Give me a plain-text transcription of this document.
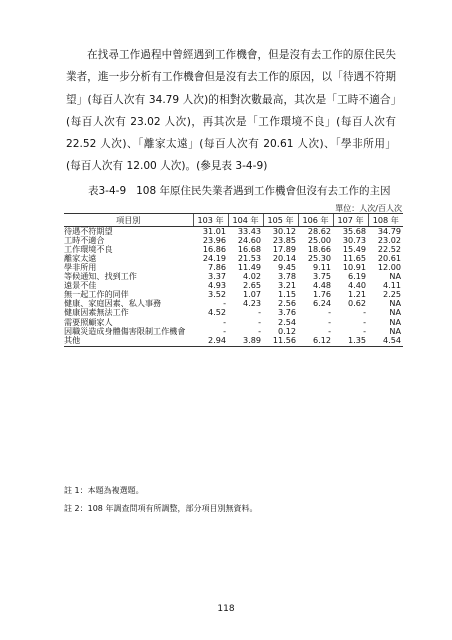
在找尋工作過程中曾經遇到工作機會，但是沒有去工作的原住民失業者，進一步分析有工作機會但是沒有去工作的原因，以「待遇不符期望」(每百人次有 34.79 人次)的相對次數最高，其次是「工時不適合」(每百人次有 23.02 人次)，再其次是「工作環境不良」(每百人次有 22.52 人次)、「離家太遠」(每百人次有 20.61 人次)、「學非所用」(每百人次有 12.00 人次)。(參見表 3-4-9)

表3-4-9 108 年原住民失業者遇到工作機會但沒有去工作的主因
單位：人次/百人次
項目別	103 年	104 年	105 年	106 年	107 年	108 年
待遇不符期望	31.01	33.43	30.12	28.62	35.68	34.79
工時不適合	23.96	24.60	23.85	25.00	30.73	23.02
工作環境不良	16.86	16.68	17.89	18.66	15.49	22.52
離家太遠	24.19	21.53	20.14	25.30	11.65	20.61
學非所用	7.86	11.49	9.45	9.11	10.91	12.00
等候通知、找到工作	3.37	4.02	3.78	3.75	6.19	NA
遠景不佳	4.93	2.65	3.21	4.48	4.40	4.11
無一起工作的同伴	3.52	1.07	1.15	1.76	1.21	2.25
健康、家庭因素、私人事務	-	4.23	2.56	6.24	0.62	NA
健康因素無法工作	4.52	-	3.76	-	-	NA
需要照顧家人	-	-	2.54	-	-	NA
因職災造成身體傷害限制工作機會	-	-	0.12	-	-	NA
其他	2.94	3.89	11.56	6.12	1.35	4.54
註 1：本題為複選題。
註 2：108 年調查問項有所調整，部分項目別無資料。
118
